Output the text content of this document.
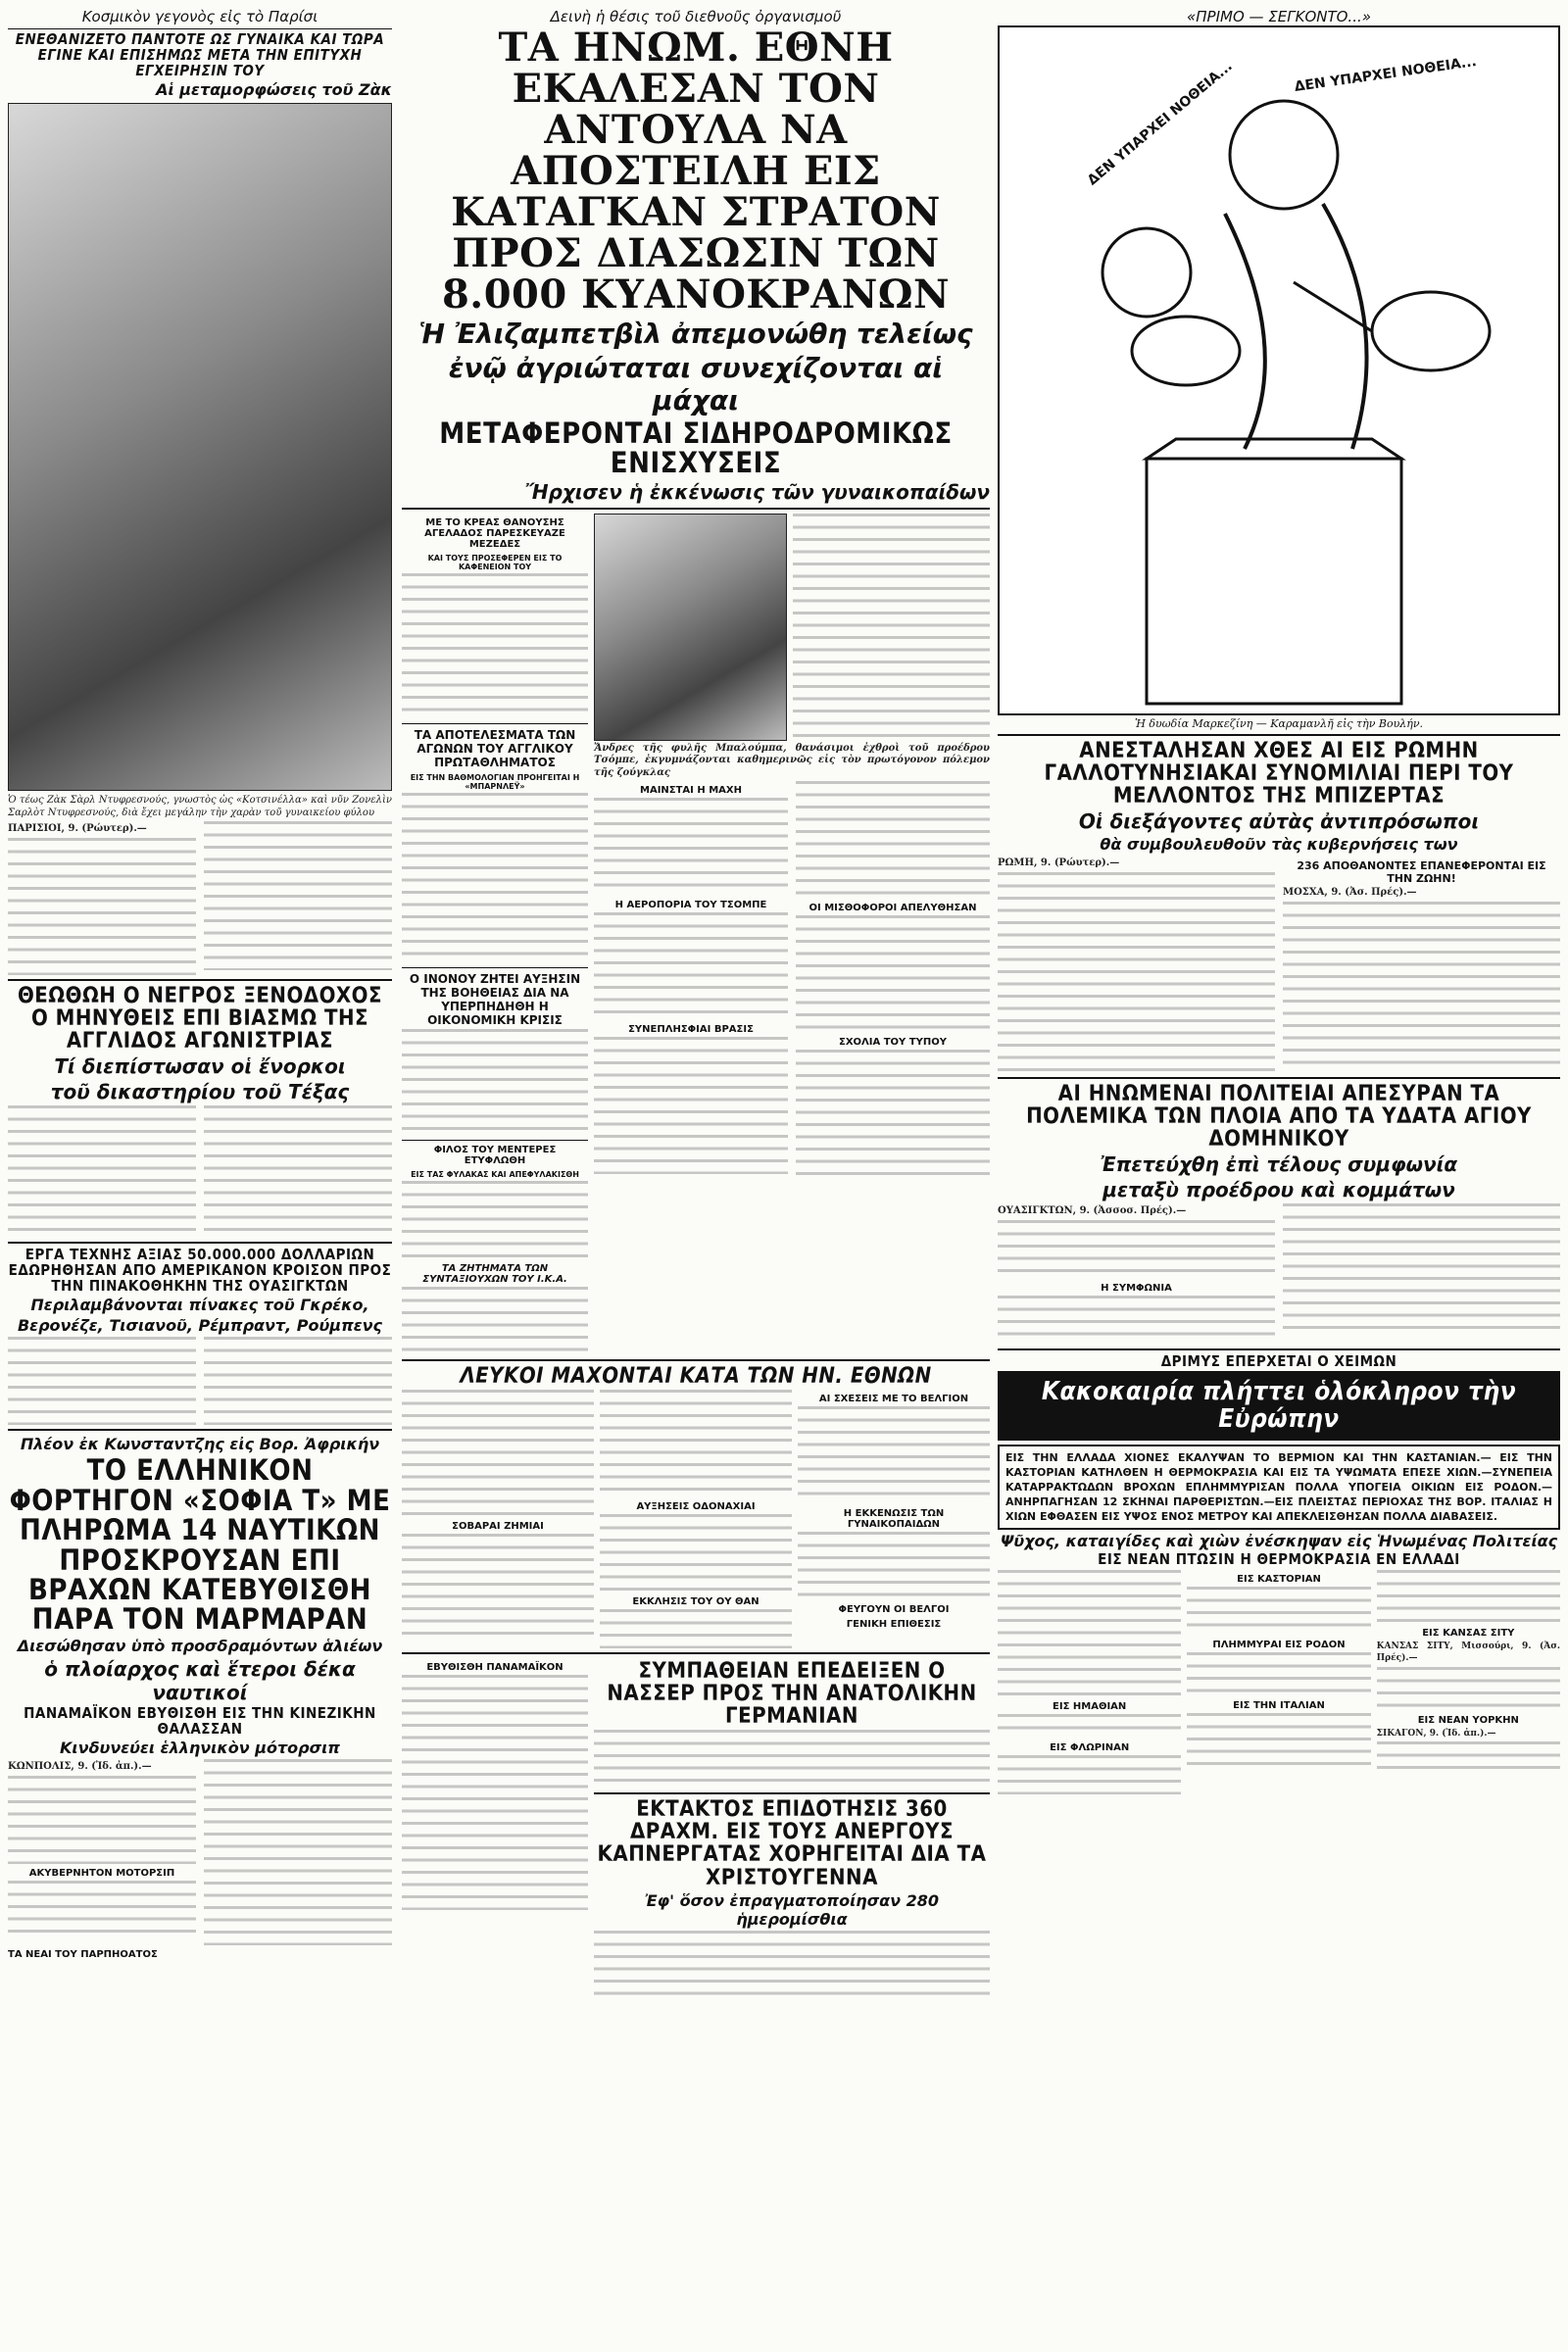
Κοσμικὸν γεγονὸς εἰς τὸ Παρίσι
ΕΝΕΘΑΝΙΖΕΤΟ ΠΑΝΤΟΤΕ ΩΣ ΓΥΝΑΙΚΑ ΚΑΙ ΤΩΡΑ ΕΓΙΝΕ ΚΑΙ ΕΠΙΣΗΜΩΣ ΜΕΤΑ ΤΗΝ ΕΠΙΤΥΧΗ ΕΓΧΕΙΡΗΣΙΝ ΤΟΥ
Αἱ μεταμορφώσεις τοῦ Ζὰκ
Ὁ τέως Ζὰκ Σὰρλ Ντυφρεσνούς, γνωστὸς ὡς «Κοτσινέλλα» καὶ νῦν Ζονελὶν Σαρλὸτ Ντυφρεσνούς, διὰ ἔχει μεγάλην τὴν χαρὰν τοῦ γυναικείου φύλου
ΠΑΡΙΣΙΟΙ, 9. (Ρώυτερ).—
ΘΕΩΘΩΗ Ο ΝΕΓΡΟΣ ΞΕΝΟΔΟΧΟΣ Ο ΜΗΝΥΘΕΙΣ ΕΠΙ ΒΙΑΣΜΩ ΤΗΣ ΑΓΓΛΙΔΟΣ ΑΓΩΝΙΣΤΡΙΑΣ
Τί διεπίστωσαν οἱ ἔνορκοι
τοῦ δικαστηρίου τοῦ Τέξας
ΕΡΓΑ ΤΕΧΝΗΣ ΑΞΙΑΣ 50.000.000 ΔΟΛΛΑΡΙΩΝ ΕΔΩΡΗΘΗΣΑΝ ΑΠΟ ΑΜΕΡΙΚΑΝΟΝ ΚΡΟΙΣΟΝ ΠΡΟΣ ΤΗΝ ΠΙΝΑΚΟΘΗΚΗΝ ΤΗΣ ΟΥΑΣΙΓΚΤΩΝ
Περιλαμβάνονται πίνακες τοῦ Γκρέκο,
Βερονέζε, Τισιανοῦ, Ρέμπραντ, Ρούμπενς
Πλέον ἐκ Κωνσταντζης εἰς Βορ. Ἀφρικήν
ΤΟ ΕΛΛΗΝΙΚΟΝ ΦΟΡΤΗΓΟΝ «ΣΟΦΙΑ Τ» ΜΕ ΠΛΗΡΩΜΑ 14 ΝΑΥΤΙΚΩΝ ΠΡΟΣΚΡΟΥΣΑΝ ΕΠΙ ΒΡΑΧΩΝ ΚΑΤΕΒΥΘΙΣΘΗ ΠΑΡΑ ΤΟΝ ΜΑΡΜΑΡΑΝ
Διεσώθησαν ὑπὸ προσδραμόντων ἁλιέων
ὁ πλοίαρχος καὶ ἕτεροι δέκα ναυτικοί
ΠΑΝΑΜΑΪΚΟΝ ΕΒΥΘΙΣΘΗ ΕΙΣ ΤΗΝ ΚΙΝΕΖΙΚΗΝ ΘΑΛΑΣΣΑΝ
Κινδυνεύει ἑλληνικὸν μότορσιπ
ΚΩΝΠΟΛΙΣ, 9. (Ἰδ. ἀπ.).—
ΑΚΥΒΕΡΝΗΤΟΝ ΜΟΤΟΡΣΙΠ
ΤΑ ΝΕΑΙ ΤΟΥ ΠΑΡΠΗΟΑΤΟΣ
Δεινὴ ἡ θέσις τοῦ διεθνοῦς ὀργανισμοῦ
ΤΑ ΗΝΩΜ. ΕΘΝΗ ΕΚΑΛΕΣΑΝ ΤΟΝ ΑΝΤΟΥΛΑ ΝΑ ΑΠΟΣΤΕΙΛΗ ΕΙΣ ΚΑΤΑΓΚΑΝ ΣΤΡΑΤΟΝ ΠΡΟΣ ΔΙΑΣΩΣΙΝ ΤΩΝ 8.000 ΚΥΑΝΟΚΡΑΝΩΝ
Ἡ Ἐλιζαμπετβὶλ ἀπεμονώθη τελείως
ἐνῷ ἀγριώταται συνεχίζονται αἱ μάχαι
ΜΕΤΑΦΕΡΟΝΤΑΙ ΣΙΔΗΡΟΔΡΟΜΙΚΩΣ ΕΝΙΣΧΥΣΕΙΣ
Ἤρχισεν ἡ ἐκκένωσις τῶν γυναικοπαίδων
ΜΕ ΤΟ ΚΡΕΑΣ ΘΑΝΟΥΣΗΣ ΑΓΕΛΑΔΟΣ ΠΑΡΕΣΚΕΥΑΖΕ ΜΕΖΕΔΕΣ
ΚΑΙ ΤΟΥΣ ΠΡΟΣΕΦΕΡΕΝ ΕΙΣ ΤΟ ΚΑΦΕΝΕΙΟΝ ΤΟΥ
ΤΑ ΑΠΟΤΕΛΕΣΜΑΤΑ ΤΩΝ ΑΓΩΝΩΝ ΤΟΥ ΑΓΓΛΙΚΟΥ ΠΡΩΤΑΘΛΗΜΑΤΟΣ
ΕΙΣ ΤΗΝ ΒΑΘΜΟΛΟΓΙΑΝ ΠΡΟΗΓΕΙΤΑΙ Η «ΜΠΑΡΝΛΕΫ»
Ο ΙΝΟΝΟΥ ΖΗΤΕΙ ΑΥΞΗΣΙΝ ΤΗΣ ΒΟΗΘΕΙΑΣ ΔΙΑ ΝΑ ΥΠΕΡΠΗΔΗΘΗ Η ΟΙΚΟΝΟΜΙΚΗ ΚΡΙΣΙΣ
ΦΙΛΟΣ ΤΟΥ ΜΕΝΤΕΡΕΣ ΕΤΥΦΛΩΘΗ
ΕΙΣ ΤΑΣ ΦΥΛΑΚΑΣ ΚΑΙ ΑΠΕΦΥΛΑΚΙΣΘΗ
ΤΑ ΖΗΤΗΜΑΤΑ ΤΩΝ ΣΥΝΤΑΞΙΟΥΧΩΝ ΤΟΥ Ι.Κ.Α.
Ἄνδρες τῆς φυλῆς Μπαλούμπα, θανάσιμοι ἐχθροὶ τοῦ προέδρου Τσόμπε, ἐκγυμνάζονται καθημερινῶς εἰς τὸν πρωτόγονον πόλεμον τῆς ζούγκλας
ΜΑΙΝΣΤΑΙ Η ΜΑΧΗ
Η ΑΕΡΟΠΟΡΙΑ ΤΟΥ ΤΣΟΜΠΕ
ΣΥΝΕΠΛΗΣΦΙΑΙ ΒΡΑΣΙΣ
ΟΙ ΜΙΣΘΟΦΟΡΟΙ ΑΠΕΛΥΘΗΣΑΝ
ΣΧΟΛΙΑ ΤΟΥ ΤΥΠΟΥ
ΛΕΥΚΟΙ ΜΑΧΟΝΤΑΙ ΚΑΤΑ ΤΩΝ ΗΝ. ΕΘΝΩΝ
ΣΟΒΑΡΑΙ ΖΗΜΙΑΙ
ΑΥΞΗΣΕΙΣ ΟΔΟΝΑΧΙΑΙ
ΕΚΚΛΗΣΙΣ ΤΟΥ ΟΥ ΘΑΝ
ΑΙ ΣΧΕΣΕΙΣ ΜΕ ΤΟ ΒΕΛΓΙΟΝ
Η ΕΚΚΕΝΩΣΙΣ ΤΩΝ ΓΥΝΑΙΚΟΠΑΙΔΩΝ
ΦΕΥΓΟΥΝ ΟΙ ΒΕΛΓΟΙ
ΓΕΝΙΚΗ ΕΠΙΘΕΣΙΣ
ΕΒΥΘΙΣΘΗ ΠΑΝΑΜΑΪΚΟΝ	ΣΥΜΠΑΘΕΙΑΝ ΕΠΕΔΕΙΞΕΝ Ο ΝΑΣΣΕΡ ΠΡΟΣ ΤΗΝ ΑΝΑΤΟΛΙΚΗΝ ΓΕΡΜΑΝΙΑΝ
ΕΚΤΑΚΤΟΣ ΕΠΙΔΟΤΗΣΙΣ 360 ΔΡΑΧΜ. ΕΙΣ ΤΟΥΣ ΑΝΕΡΓΟΥΣ ΚΑΠΝΕΡΓΑΤΑΣ ΧΟΡΗΓΕΙΤΑΙ ΔΙΑ ΤΑ ΧΡΙΣΤΟΥΓΕΝΝΑ
Ἐφ' ὅσον ἐπραγματοποίησαν 280 ἡμερομίσθια
«ΠΡΙΜΟ — ΣΕΓΚΟΝΤΟ...»
ΔΕΝ ΥΠΑΡΧΕΙ ΝΟΘΕΙΑ...	ΔΕΝ ΥΠΑΡΧΕΙ ΝΟΘΕΙΑ...
Ἡ δυωδία Μαρκεζίνη — Καραμανλῆ εἰς τὴν Βουλήν.
ΑΝΕΣΤΑΛΗΣΑΝ ΧΘΕΣ ΑΙ ΕΙΣ ΡΩΜΗΝ ΓΑΛΛΟΤΥΝΗΣΙΑΚΑΙ ΣΥΝΟΜΙΛΙΑΙ ΠΕΡΙ ΤΟΥ ΜΕΛΛΟΝΤΟΣ ΤΗΣ ΜΠΙΖΕΡΤΑΣ
Οἱ διεξάγοντες αὐτὰς ἀντιπρόσωποι
θὰ συμβουλευθοῦν τὰς κυβερνήσεις των
ΡΩΜΗ, 9. (Ρώυτερ).—	236 ΑΠΟΘΑΝΟΝΤΕΣ ΕΠΑΝΕΦΕΡΟΝΤΑΙ ΕΙΣ ΤΗΝ ΖΩΗΝ!
ΜΟΣΧΑ, 9. (Ἀσ. Πρές).—
ΑΙ ΗΝΩΜΕΝΑΙ ΠΟΛΙΤΕΙΑΙ ΑΠΕΣΥΡΑΝ ΤΑ ΠΟΛΕΜΙΚΑ ΤΩΝ ΠΛΟΙΑ ΑΠΟ ΤΑ ΥΔΑΤΑ ΑΓΙΟΥ ΔΟΜΗΝΙΚΟΥ
Ἐπετεύχθη ἐπὶ τέλους συμφωνία
μεταξὺ προέδρου καὶ κομμάτων
ΟΥΑΣΙΓΚΤΩΝ, 9. (Ἀσσοσ. Πρές).—
Η ΣΥΜΦΩΝΙΑ
ΔΡΙΜΥΣ ΕΠΕΡΧΕΤΑΙ Ο ΧΕΙΜΩΝ
Κακοκαιρία πλήττει ὁλόκληρον τὴν Εὐρώπην
ΕΙΣ ΤΗΝ ΕΛΛΑΔΑ ΧΙΟΝΕΣ ΕΚΑΛΥΨΑΝ ΤΟ ΒΕΡΜΙΟΝ ΚΑΙ ΤΗΝ ΚΑΣΤΑΝΙΑΝ.— ΕΙΣ ΤΗΝ ΚΑΣΤΟΡΙΑΝ ΚΑΤΗΛΘΕΝ Η ΘΕΡΜΟΚΡΑΣΙΑ ΚΑΙ ΕΙΣ ΤΑ ΥΨΩΜΑΤΑ ΕΠΕΣΕ ΧΙΩΝ.—ΣΥΝΕΠΕΙΑ ΚΑΤΑΡΡΑΚΤΩΔΩΝ ΒΡΟΧΩΝ ΕΠΛΗΜΜΥΡΙΣΑΝ ΠΟΛΛΑ ΥΠΟΓΕΙΑ ΟΙΚΙΩΝ ΕΙΣ ΡΟΔΟΝ.— ΑΝΗΡΠΑΓΗΣΑΝ 12 ΣΚΗΝΑΙ ΠΑΡΘΕΡΙΣΤΩΝ.—ΕΙΣ ΠΛΕΙΣΤΑΣ ΠΕΡΙΟΧΑΣ ΤΗΣ ΒΟΡ. ΙΤΑΛΙΑΣ Η ΧΙΩΝ ΕΦΘΑΣΕΝ ΕΙΣ ΥΨΟΣ ΕΝΟΣ ΜΕΤΡΟΥ ΚΑΙ ΑΠΕΚΛΕΙΣΘΗΣΑΝ ΠΟΛΛΑ ΔΙΑΒΑΣΕΙΣ.
Ψῦχος, καταιγίδες καὶ χιὼν ἐνέσκηψαν εἰς Ἡνωμένας Πολιτείας
ΕΙΣ ΝΕΑΝ ΠΤΩΣΙΝ Η ΘΕΡΜΟΚΡΑΣΙΑ ΕΝ ΕΛΛΑΔΙ
ΕΙΣ ΗΜΑΘΙΑΝ
ΕΙΣ ΦΛΩΡΙΝΑΝ
ΕΙΣ ΚΑΣΤΟΡΙΑΝ
ΠΛΗΜΜΥΡΑΙ ΕΙΣ ΡΟΔΟΝ
ΕΙΣ ΤΗΝ ΙΤΑΛΙΑΝ
ΕΙΣ ΚΑΝΣΑΣ ΣΙΤΥ
ΚΑΝΣΑΣ ΣΙΤΥ, Μισσούρι, 9. (Ἀσ. Πρές).—
ΕΙΣ ΝΕΑΝ ΥΟΡΚΗΝ
ΣΙΚΑΓΟΝ, 9. (Ἰδ. ἀπ.).—
